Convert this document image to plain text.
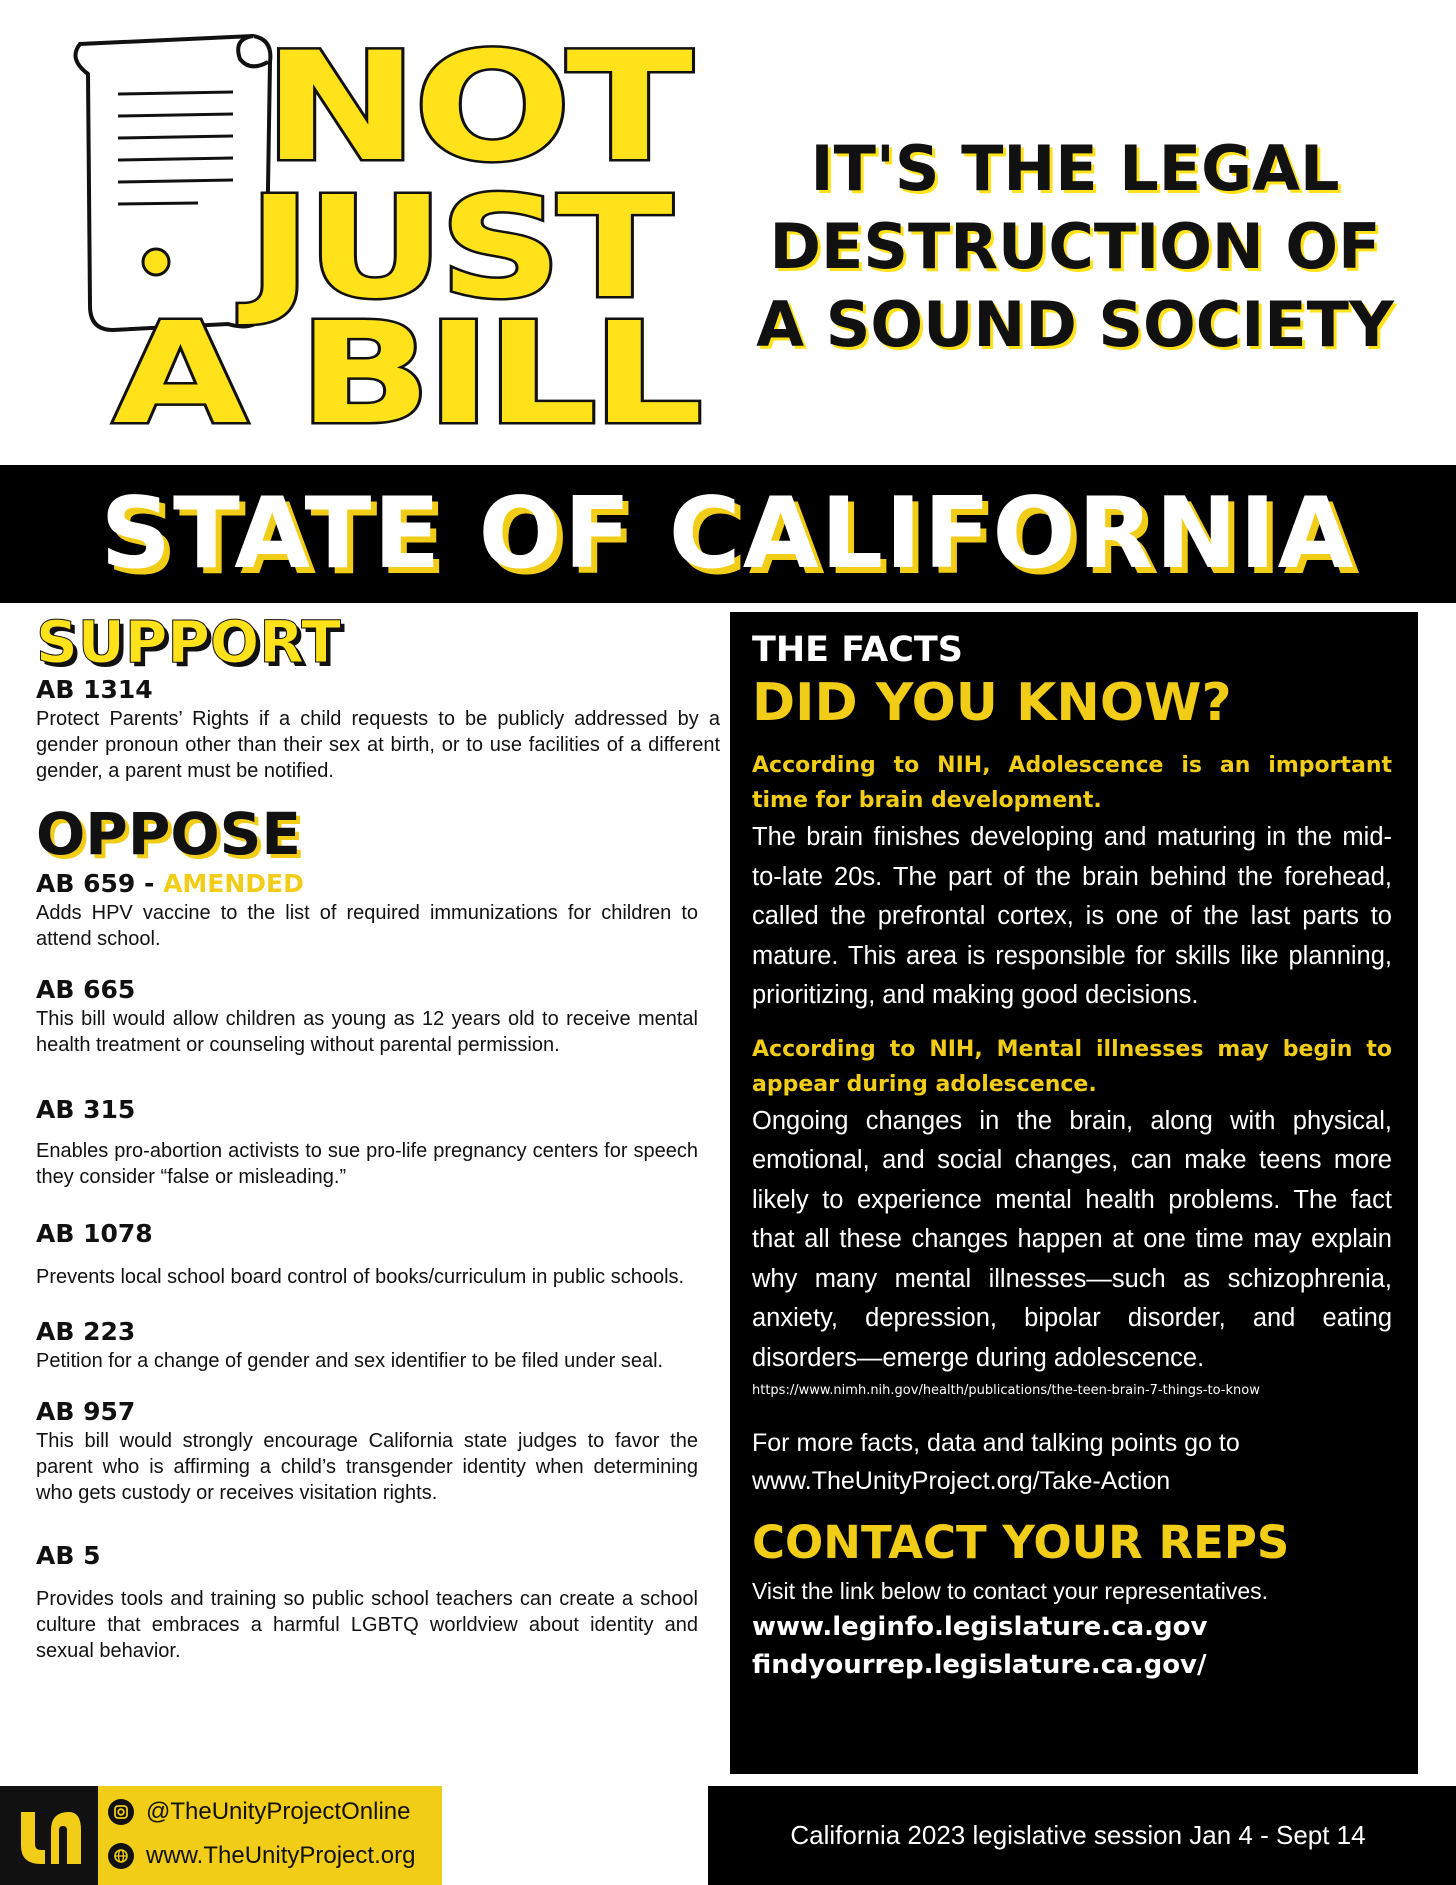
NOT
JUST
A BILL
IT'S THE LEGAL
DESTRUCTION OF
A SOUND SOCIETY
STATE OF CALIFORNIA
SUPPORT
AB 1314
Protect Parents’ Rights if a child requests to be publicly addressed by a gender pronoun other than their sex at birth, or to use facilities of a different gender, a parent must be notified.
OPPOSE
AB 659 - AMENDED
Adds HPV vaccine to the list of required immunizations for children to attend school.
AB 665
This bill would allow children as young as 12 years old to receive mental health treatment or counseling without parental permission.
AB 315
Enables pro-abortion activists to sue pro-life pregnancy centers for speech they consider “false or misleading.”
AB 1078
Prevents local school board control of books/curriculum in public schools.
AB 223
Petition for a change of gender and sex identifier to be filed under seal.
AB 957
This bill would strongly encourage California state judges to favor the parent who is affirming a child’s transgender identity when determining who gets custody or receives visitation rights.
AB 5
Provides tools and training so public school teachers can create a school culture that embraces a harmful LGBTQ worldview about identity and sexual behavior.

THE FACTS

DID YOU KNOW?

According to NIH, Adolescence is an important time for brain development.

The brain finishes developing and maturing in the mid-to-late 20s. The part of the brain behind the forehead, called the prefrontal cortex, is one of the last parts to mature. This area is responsible for skills like planning, prioritizing, and making good decisions.

According to NIH, Mental illnesses may begin to appear during adolescence.

Ongoing changes in the brain, along with physical, emotional, and social changes, can make teens more likely to experience mental health problems. The fact that all these changes happen at one time may explain why many mental illnesses—such as schizophrenia, anxiety, depression, bipolar disorder, and eating disorders—emerge during adolescence.

https://www.nimh.nih.gov/health/publications/the-teen-brain-7-things-to-know

For more facts, data and talking points go to

www.TheUnityProject.org/Take-Action

CONTACT YOUR REPS

Visit the link below to contact your representatives.

www.leginfo.legislature.ca.gov

findyourrep.legislature.ca.gov/

@TheUnityProjectOnline
www.TheUnityProject.org
California 2023 legislative session Jan 4 - Sept 14
